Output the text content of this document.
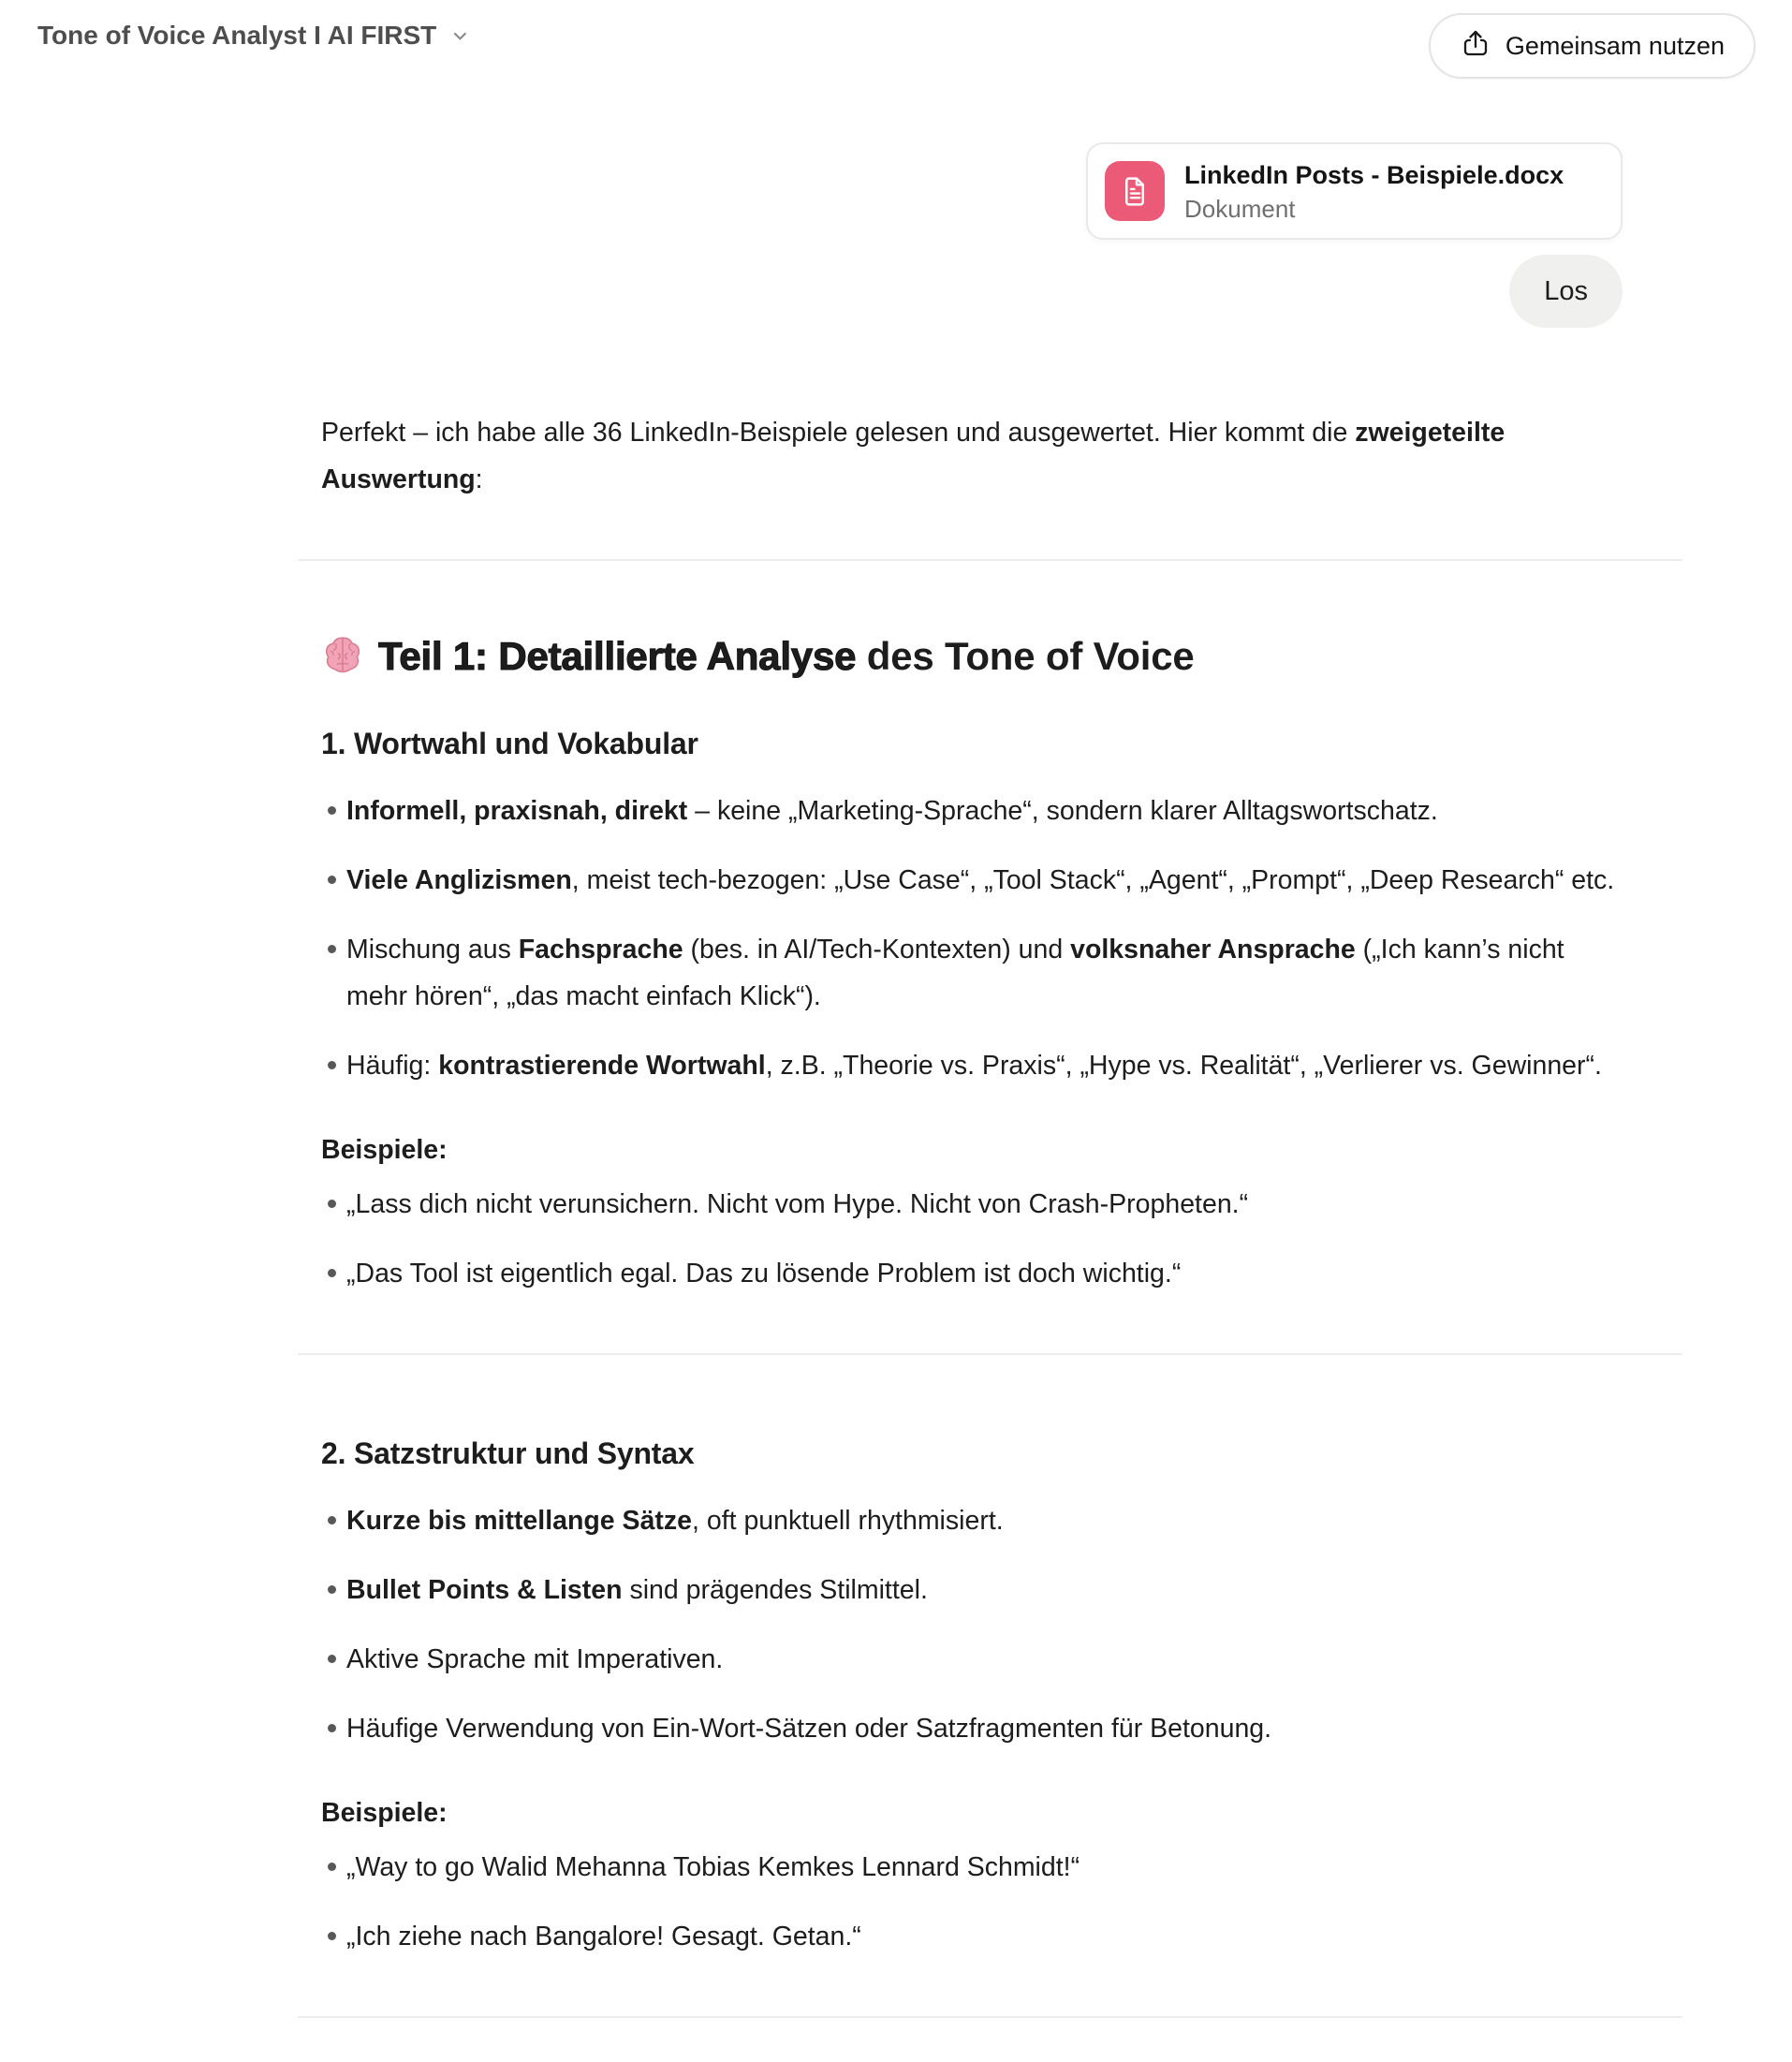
Tone of Voice Analyst I AI FIRST	Gemeinsam nutzen
LinkedIn Posts - Beispiele.docx
Dokument
Los

Perfekt – ich habe alle 36 LinkedIn-Beispiele gelesen und ausgewertet. Hier kommt die zweigeteilte Auswertung:

Teil 1: Detaillierte Analyse des Tone of Voice
1. Wortwahl und Vokabular
Informell, praxisnah, direkt – keine „Marketing-Sprache“, sondern klarer Alltagswortschatz.
Viele Anglizismen, meist tech-bezogen: „Use Case“, „Tool Stack“, „Agent“, „Prompt“, „Deep Research“ etc.
Mischung aus Fachsprache (bes. in AI/Tech-Kontexten) und volksnaher Ansprache („Ich kann’s nicht mehr hören“, „das macht einfach Klick“).
Häufig: kontrastierende Wortwahl, z.B. „Theorie vs. Praxis“, „Hype vs. Realität“, „Verlierer vs. Gewinner“.

Beispiele:

„Lass dich nicht verunsichern. Nicht vom Hype. Nicht von Crash-Propheten.“
„Das Tool ist eigentlich egal. Das zu lösende Problem ist doch wichtig.“
2. Satzstruktur und Syntax
Kurze bis mittellange Sätze, oft punktuell rhythmisiert.
Bullet Points & Listen sind prägendes Stilmittel.
Aktive Sprache mit Imperativen.
Häufige Verwendung von Ein-Wort-Sätzen oder Satzfragmenten für Betonung.

Beispiele:

„Way to go Walid Mehanna Tobias Kemkes Lennard Schmidt!“
„Ich ziehe nach Bangalore! Gesagt. Getan.“
